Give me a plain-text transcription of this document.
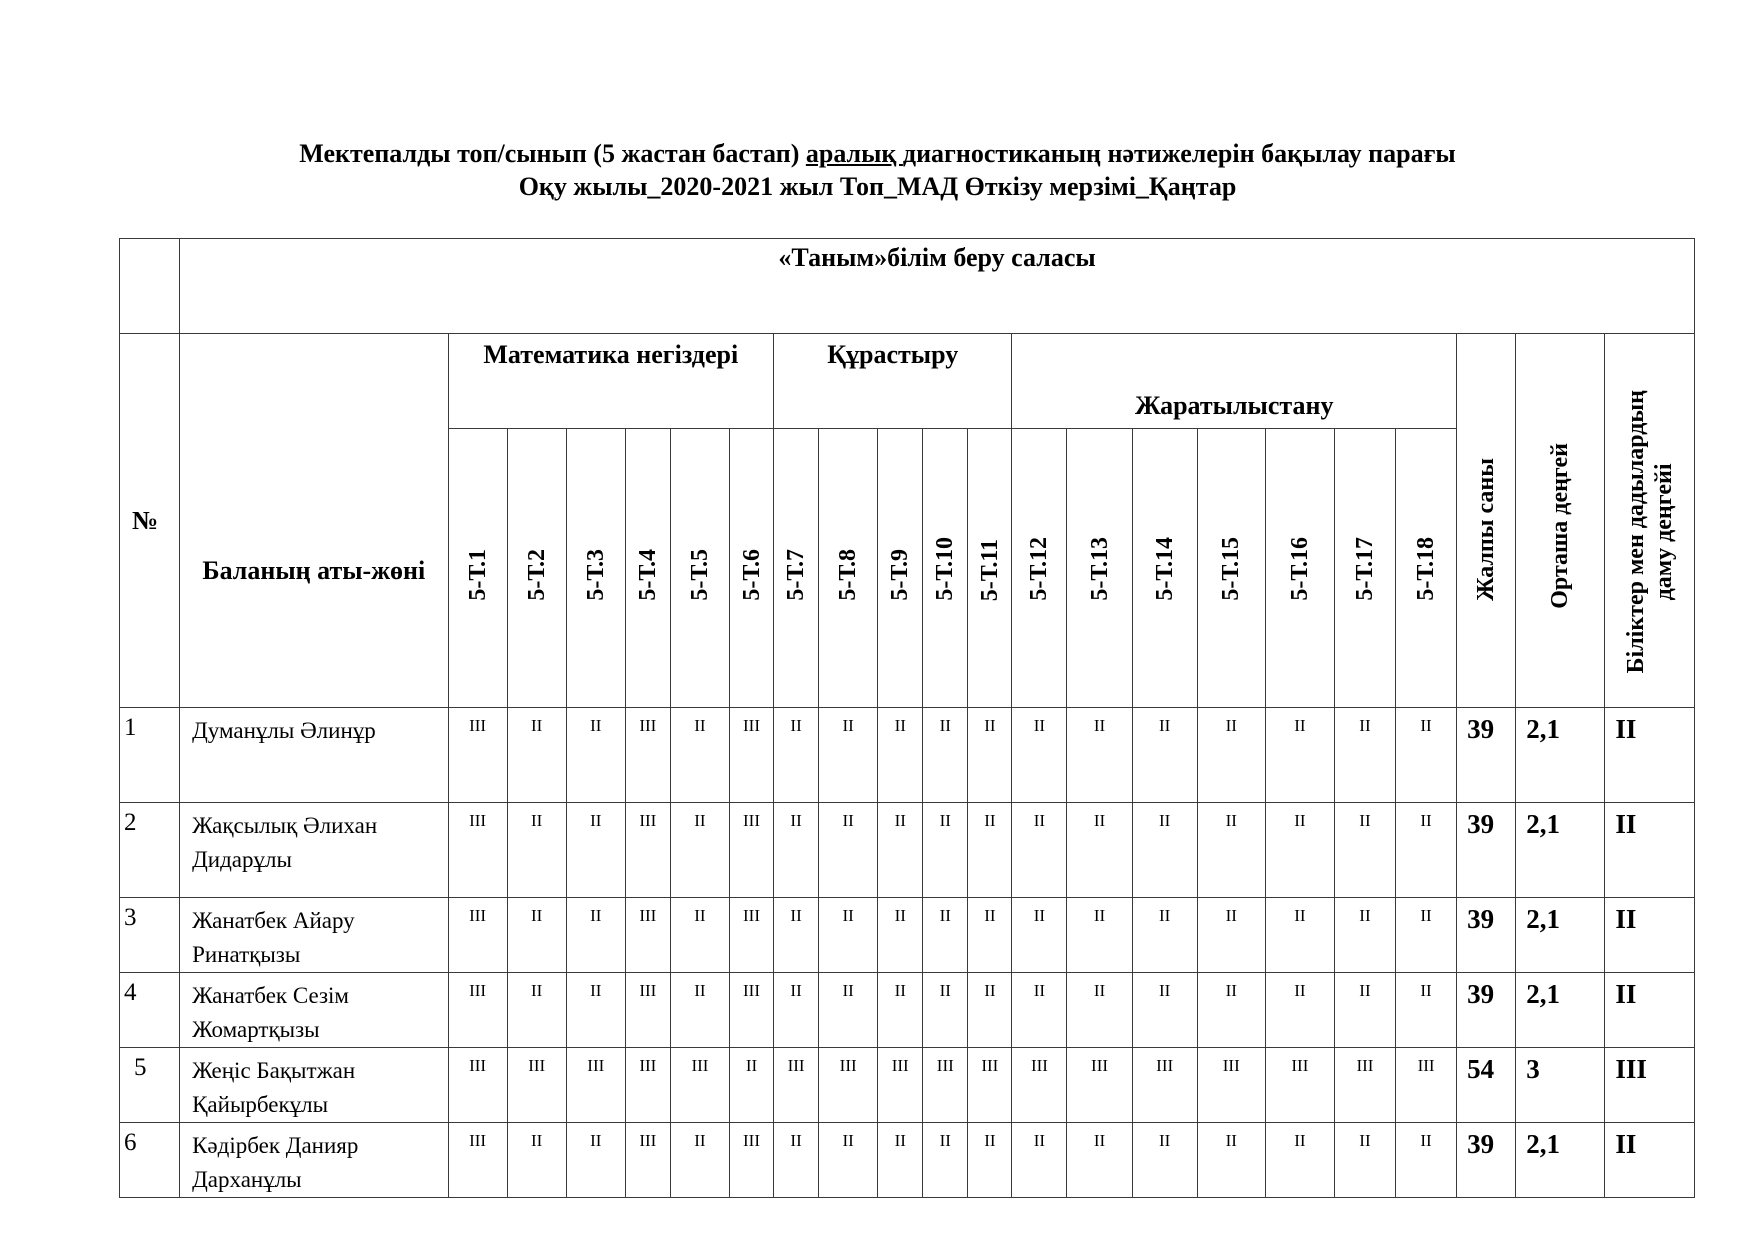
Мектепалды топ/сынып (5 жастан бастап) аралық диагностиканың нәтижелерін бақылау парағы
Оқу жылы_2020-2021 жыл Топ_МАД Өткізу мерзімі_Қаңтар
	«Таным»білім беру саласы																					
№	Баланың аты-жөні	Математика негіздері						Құрастыру					Жаратылыстану							Жалпы саны	Орташа деңгей	Біліктер мен дадылардың
даму деңгейі

		5-Т.1	5-Т.2	5-Т.3	5-Т.4	5-Т.5	5-Т.6	5-Т.7	5-Т.8	5-Т.9	5-Т.10	5-Т.11	5-Т.12	5-Т.13	5-Т.14	5-Т.15	5-Т.16	5-Т.17	5-Т.18			

1	Думанұлы Әлинұр	III	II	II	III	II	III	II	II	II	II	II	II	II	II	II	II	II	II	39	2,1	II
2	Жақсылық Әлихан
Дидарұлы	III	II	II	III	II	III	II	II	II	II	II	II	II	II	II	II	II	II	39	2,1	II
3	Жанатбек Айару
Ринатқызы	III	II	II	III	II	III	II	II	II	II	II	II	II	II	II	II	II	II	39	2,1	II
4	Жанатбек Сезім
Жомартқызы	III	II	II	III	II	III	II	II	II	II	II	II	II	II	II	II	II	II	39	2,1	II
5	Жеңіс Бақытжан
Қайырбекұлы	III	III	III	III	III	II	III	III	III	III	III	III	III	III	III	III	III	III	54	3	III
6	Кәдірбек Данияр
Дарханұлы	III	II	II	III	II	III	II	II	II	II	II	II	II	II	II	II	II	II	39	2,1	II
